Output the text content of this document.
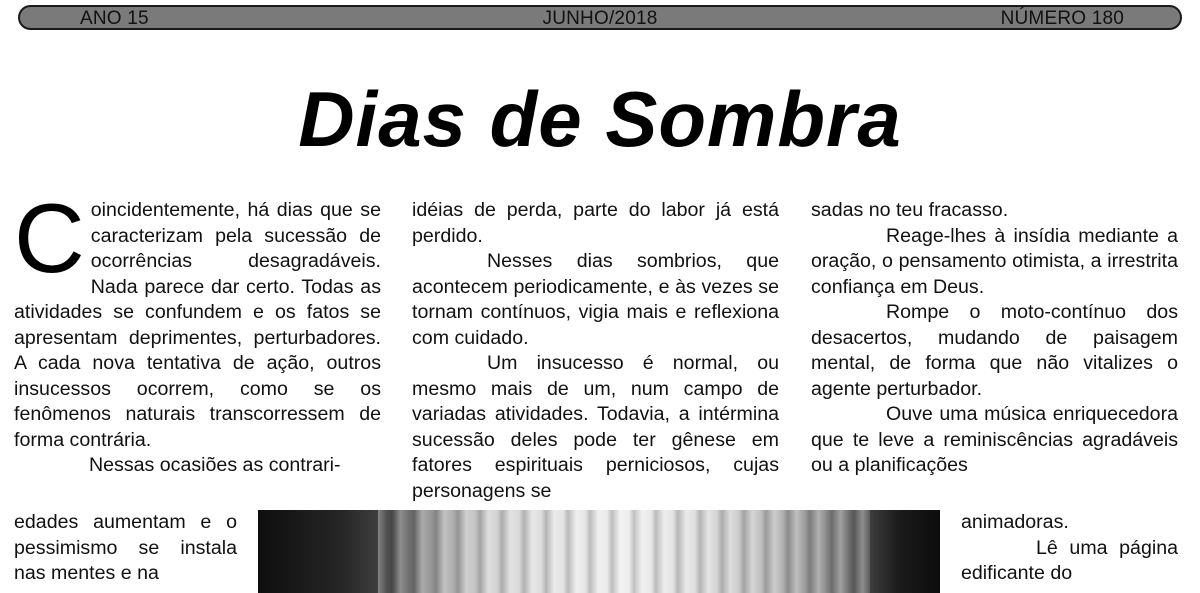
ANO 15	JUNHO/2018	NÚMERO 180
Dias de Sombra

Coincidentemente, há dias que se caracterizam pela sucessão de ocorrências desagradáveis. Nada parece dar certo. Todas as atividades se confundem e os fatos se apresentam deprimentes, perturbadores. A cada nova tentativa de ação, outros insucessos ocorrem, como se os fenômenos naturais transcorressem de forma contrária.

Nessas ocasiões as contrari-

edades aumentam e o pessimismo se instala nas mentes e na

idéias de perda, parte do labor já está perdido.

Nesses dias sombrios, que acontecem periodicamente, e às vezes se tornam contínuos, vigia mais e reflexiona com cuidado.

Um insucesso é normal, ou mesmo mais de um, num campo de variadas atividades. Todavia, a intérmina sucessão deles pode ter gênese em fatores espirituais perniciosos, cujas personagens se

sadas no teu fracasso.

Reage-lhes à insídia mediante a oração, o pensamento otimista, a irrestrita confiança em Deus.

Rompe o moto-contínuo dos desacertos, mudando de paisagem mental, de forma que não vitalizes o agente perturbador.

Ouve uma música enriquecedora que te leve a reminiscências agradáveis ou a planificações

animadoras.

Lê uma página edificante do
